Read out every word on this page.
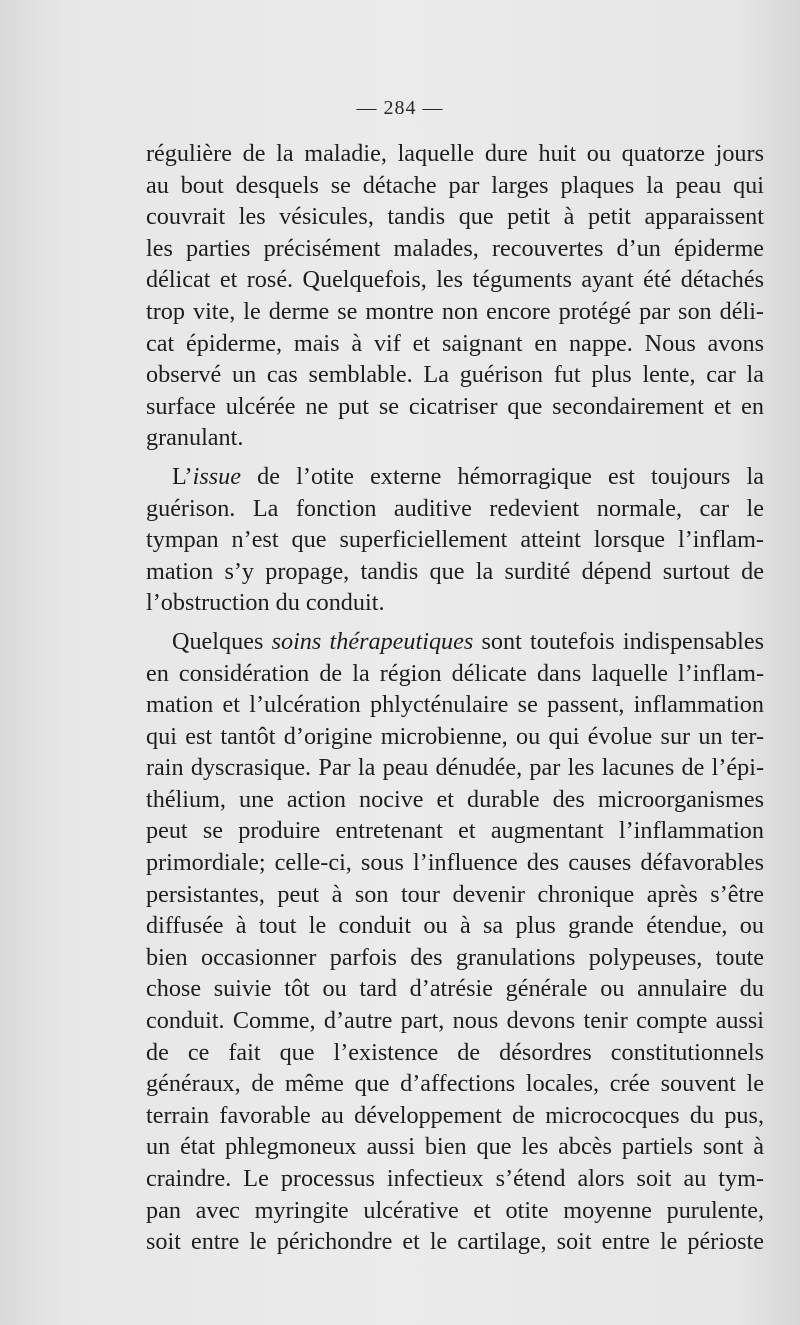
— 284 —
régulière de la maladie, laquelle dure huit ou quatorze jours
au bout desquels se détache par larges plaques la peau qui
couvrait les vésicules, tandis que petit à petit apparaissent
les parties précisément malades, recouvertes d’un épiderme
délicat et rosé. Quelquefois, les téguments ayant été détachés
trop vite, le derme se montre non encore protégé par son déli-
cat épiderme, mais à vif et saignant en nappe. Nous avons
observé un cas semblable. La guérison fut plus lente, car la
surface ulcérée ne put se cicatriser que secondairement et en
granulant.
L’issue de l’otite externe hémorragique est toujours la
guérison. La fonction auditive redevient normale, car le
tympan n’est que superficiellement atteint lorsque l’inflam-
mation s’y propage, tandis que la surdité dépend surtout de
l’obstruction du conduit.
Quelques soins thérapeutiques sont toutefois indispensables
en considération de la région délicate dans laquelle l’inflam-
mation et l’ulcération phlycténulaire se passent, inflammation
qui est tantôt d’origine microbienne, ou qui évolue sur un ter-
rain dyscrasique. Par la peau dénudée, par les lacunes de l’épi-
thélium, une action nocive et durable des microorganismes
peut se produire entretenant et augmentant l’inflammation
primordiale; celle-ci, sous l’influence des causes défavorables
persistantes, peut à son tour devenir chronique après s’être
diffusée à tout le conduit ou à sa plus grande étendue, ou
bien occasionner parfois des granulations polypeuses, toute
chose suivie tôt ou tard d’atrésie générale ou annulaire du
conduit. Comme, d’autre part, nous devons tenir compte aussi
de ce fait que l’existence de désordres constitutionnels
généraux, de même que d’affections locales, crée souvent le
terrain favorable au développement de micrococques du pus,
un état phlegmoneux aussi bien que les abcès partiels sont à
craindre. Le processus infectieux s’étend alors soit au tym-
pan avec myringite ulcérative et otite moyenne purulente,
soit entre le périchondre et le cartilage, soit entre le périoste
